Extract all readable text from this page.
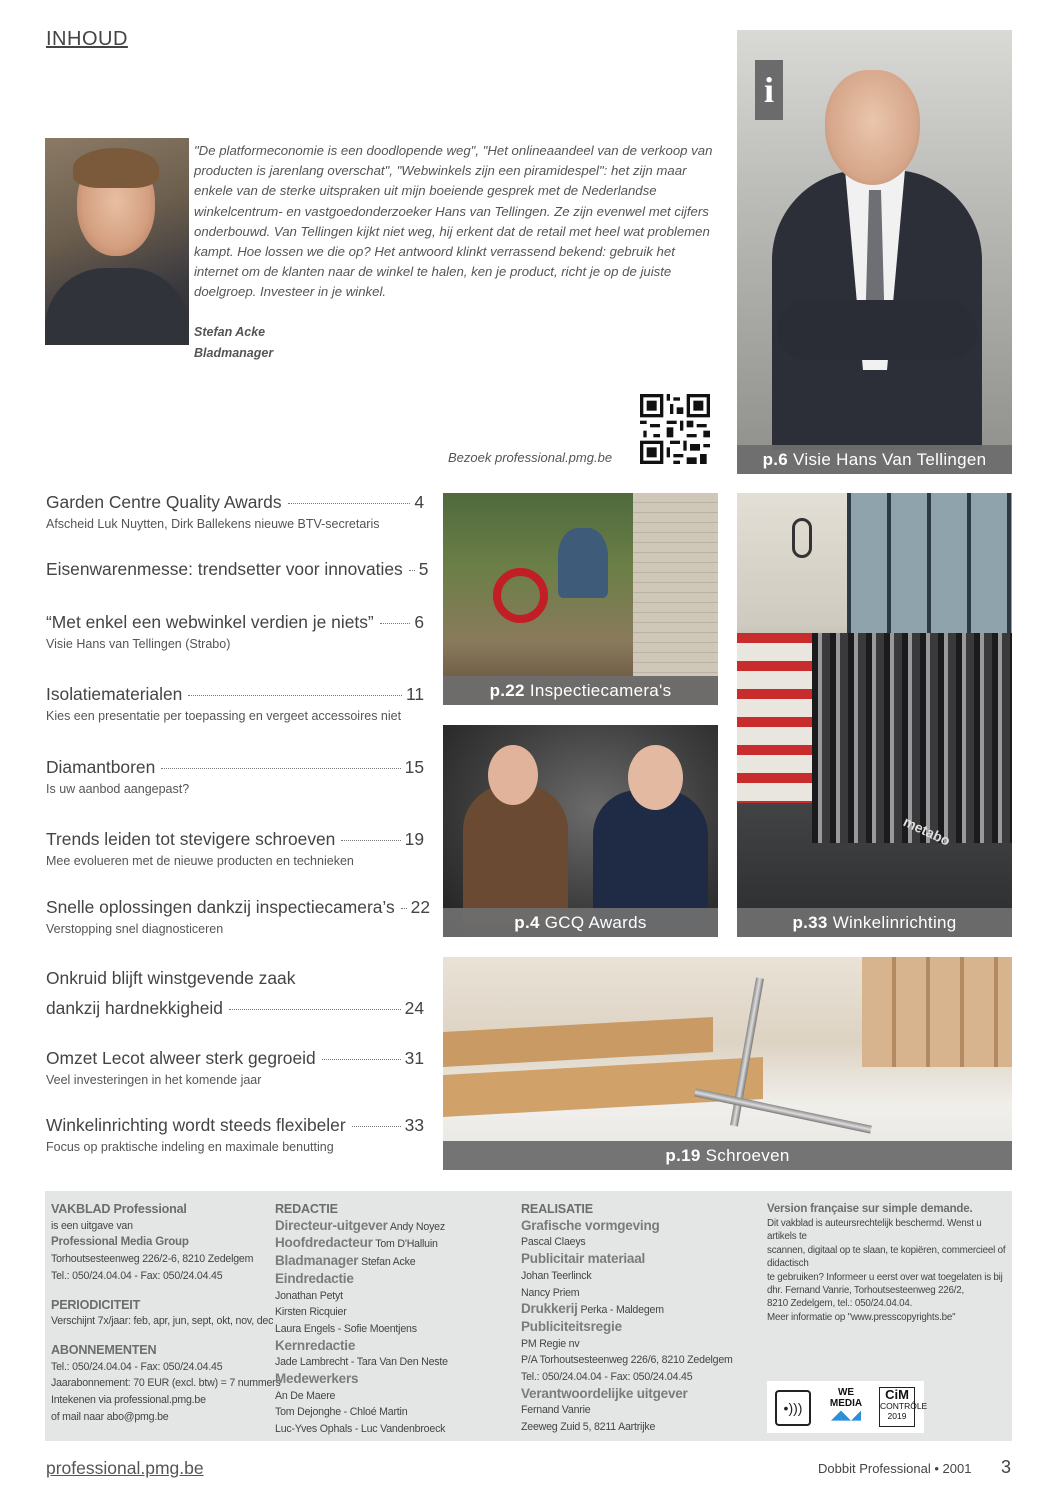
INHOUD
"De platformeconomie is een doodlopende weg", "Het onlineaandeel van de verkoop van producten is jarenlang overschat", "Webwinkels zijn een piramidespel": het zijn maar enkele van de sterke uitspraken uit mijn boeiende gesprek met de Nederlandse winkelcentrum- en vastgoedonderzoeker Hans van Tellingen. Ze zijn evenwel met cijfers onderbouwd. Van Tellingen kijkt niet weg, hij erkent dat de retail met heel wat problemen kampt. Hoe lossen we die op? Het antwoord klinkt verrassend bekend: gebruik het internet om de klanten naar de winkel te halen, ken je product, richt je op de juiste doelgroep. Investeer in je winkel.
Stefan Acke
Bladmanager
Bezoek professional.pmg.be
i
p.6 Visie Hans Van Tellingen
Garden Centre Quality Awards	4
Afscheid Luk Nuytten, Dirk Ballekens nieuwe BTV-secretaris
Eisenwarenmesse: trendsetter voor innovaties 5
“Met enkel een webwinkel verdien je niets” 6
Visie Hans van Tellingen (Strabo)
Isolatiematerialen	11
Kies een presentatie per toepassing en vergeet accessoires niet
Diamantboren	15
Is uw aanbod aangepast?
Trends leiden tot stevigere schroeven	19
Mee evolueren met de nieuwe producten en technieken
Snelle oplossingen dankzij inspectiecamera’s 22
Verstopping snel diagnosticeren
Onkruid blijft winstgevende zaak
dankzij hardnekkigheid	24
Omzet Lecot alweer sterk gegroeid	31
Veel investeringen in het komende jaar
Winkelinrichting wordt steeds flexibeler	33
Focus op praktische indeling en maximale benutting
p.22 Inspectiecamera's
metabo
p.33 Winkelinrichting
p.4 GCQ Awards
p.19 Schroeven
VAKBLAD Professional
is een uitgave van
Professional Media Group
Torhoutsesteenweg 226/2-6, 8210 Zedelgem
Tel.: 050/24.04.04 - Fax: 050/24.04.45
PERIODICITEIT
Verschijnt 7x/jaar: feb, apr, jun, sept, okt, nov, dec
ABONNEMENTEN
Tel.: 050/24.04.04 - Fax: 050/24.04.45
Jaarabonnement: 70 EUR (excl. btw) = 7 nummers
Intekenen via professional.pmg.be
of mail naar abo@pmg.be
REDACTIE
Directeur-uitgever Andy Noyez
Hoofdredacteur Tom D'Halluin
Bladmanager Stefan Acke
Eindredactie
Jonathan Petyt
Kirsten Ricquier
Laura Engels - Sofie Moentjens
Kernredactie
Jade Lambrecht - Tara Van Den Neste
Medewerkers
An De Maere
Tom Dejonghe - Chloé Martin
Luc-Yves Ophals - Luc Vandenbroeck
REALISATIE
Grafische vormgeving
Pascal Claeys
Publicitair materiaal
Johan Teerlinck
Nancy Priem
Drukkerij Perka - Maldegem
Publiciteitsregie
PM Regie nv
P/A Torhoutsesteenweg 226/6, 8210 Zedelgem
Tel.: 050/24.04.04 - Fax: 050/24.04.45
Verantwoordelijke uitgever
Fernand Vanrie
Zeeweg Zuid 5, 8211 Aartrijke
Version française sur simple demande.
Dit vakblad is auteursrechtelijk beschermd. Wenst u artikels te
scannen, digitaal op te slaan, te kopiëren, commercieel of didactisch
te gebruiken? Informeer u eerst over wat toegelaten is bij
dhr. Fernand Vanrie, Torhoutsesteenweg 226/2,
8210 Zedelgem, tel.: 050/24.04.04.
Meer informatie op "www.presscopyrights.be"
•)))
WE
MEDIA
◢◣◢
CiM
CONTRÔLE
2019
professional.pmg.be	Dobbit Professional • 2001 3
